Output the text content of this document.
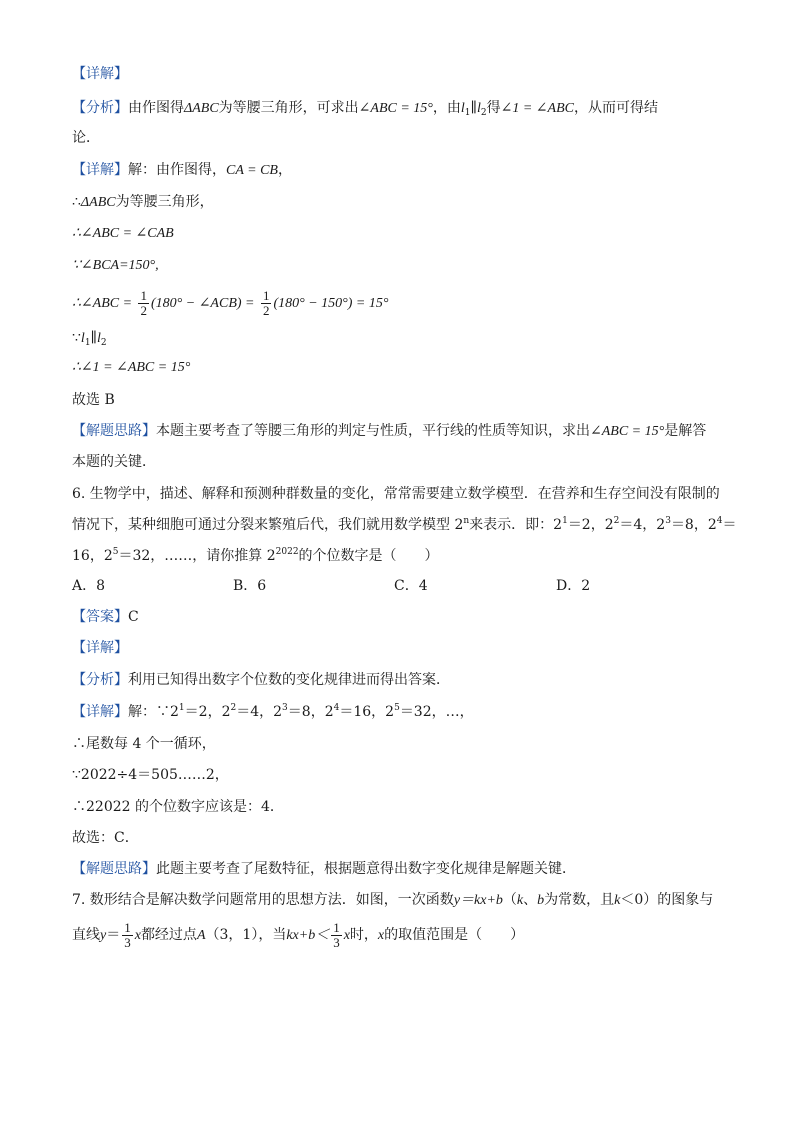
【详解】
【分析】由作图得ΔABC为等腰三角形，可求出∠ABC = 15°，由$l_1\parallel l_2$得∠1 = ∠ABC，从而可得结
论．
【详解】解：由作图得，CA = CB，
∴ΔABC为等腰三角形，
∴∠ABC = ∠CAB
∵∠BCA=150°,
∴∠ABC = $\frac{1}{2} (180^\circ$ − ∠ACB) = $\frac{1}{2} (180^\circ - 150^\circ) = 15^\circ$
$\because l_1\parallel l_2$
∴∠1 = ∠ABC = 15°
故选 B
【解题思路】本题主要考查了等腰三角形的判定与性质，平行线的性质等知识，求出∠ABC = 15°是解答
本题的关键．
6. 生物学中，描述、解释和预测种群数量的变化，常常需要建立数学模型．在营养和生存空间没有限制的
情况下，某种细胞可通过分裂来繁殖后代，我们就用数学模型 2$^n$来表示．即：$2^1=2$，$2^2=4$，$2^3=8$，$2^4=$
16，$2^5=32$，……，请你推算 $2^{2022}$的个位数字是（　　）
A．8	B．6	C．4	D．2
【答案】C
【详解】
【分析】利用已知得出数字个位数的变化规律进而得出答案．
【详解】解：$\because 2^1=2$，$2^2=4$，$2^3=8$，$2^4=16$，$2^5=32$，…，
∴尾数每 4 个一循环，
∵2022÷4＝505……2，
∴22022 的个位数字应该是：4．
故选：C．
【解题思路】此题主要考查了尾数特征，根据题意得出数字变化规律是解题关键．
7. 数形结合是解决数学问题常用的思想方法．如图，一次函数y＝kx+b（k、b为常数，且k＜0）的图象与
直线$y= \frac{1}{3}$ x都经过点A（3，1），当$kx+b< \frac{1}{3}$ x时，x的取值范围是（　　）
